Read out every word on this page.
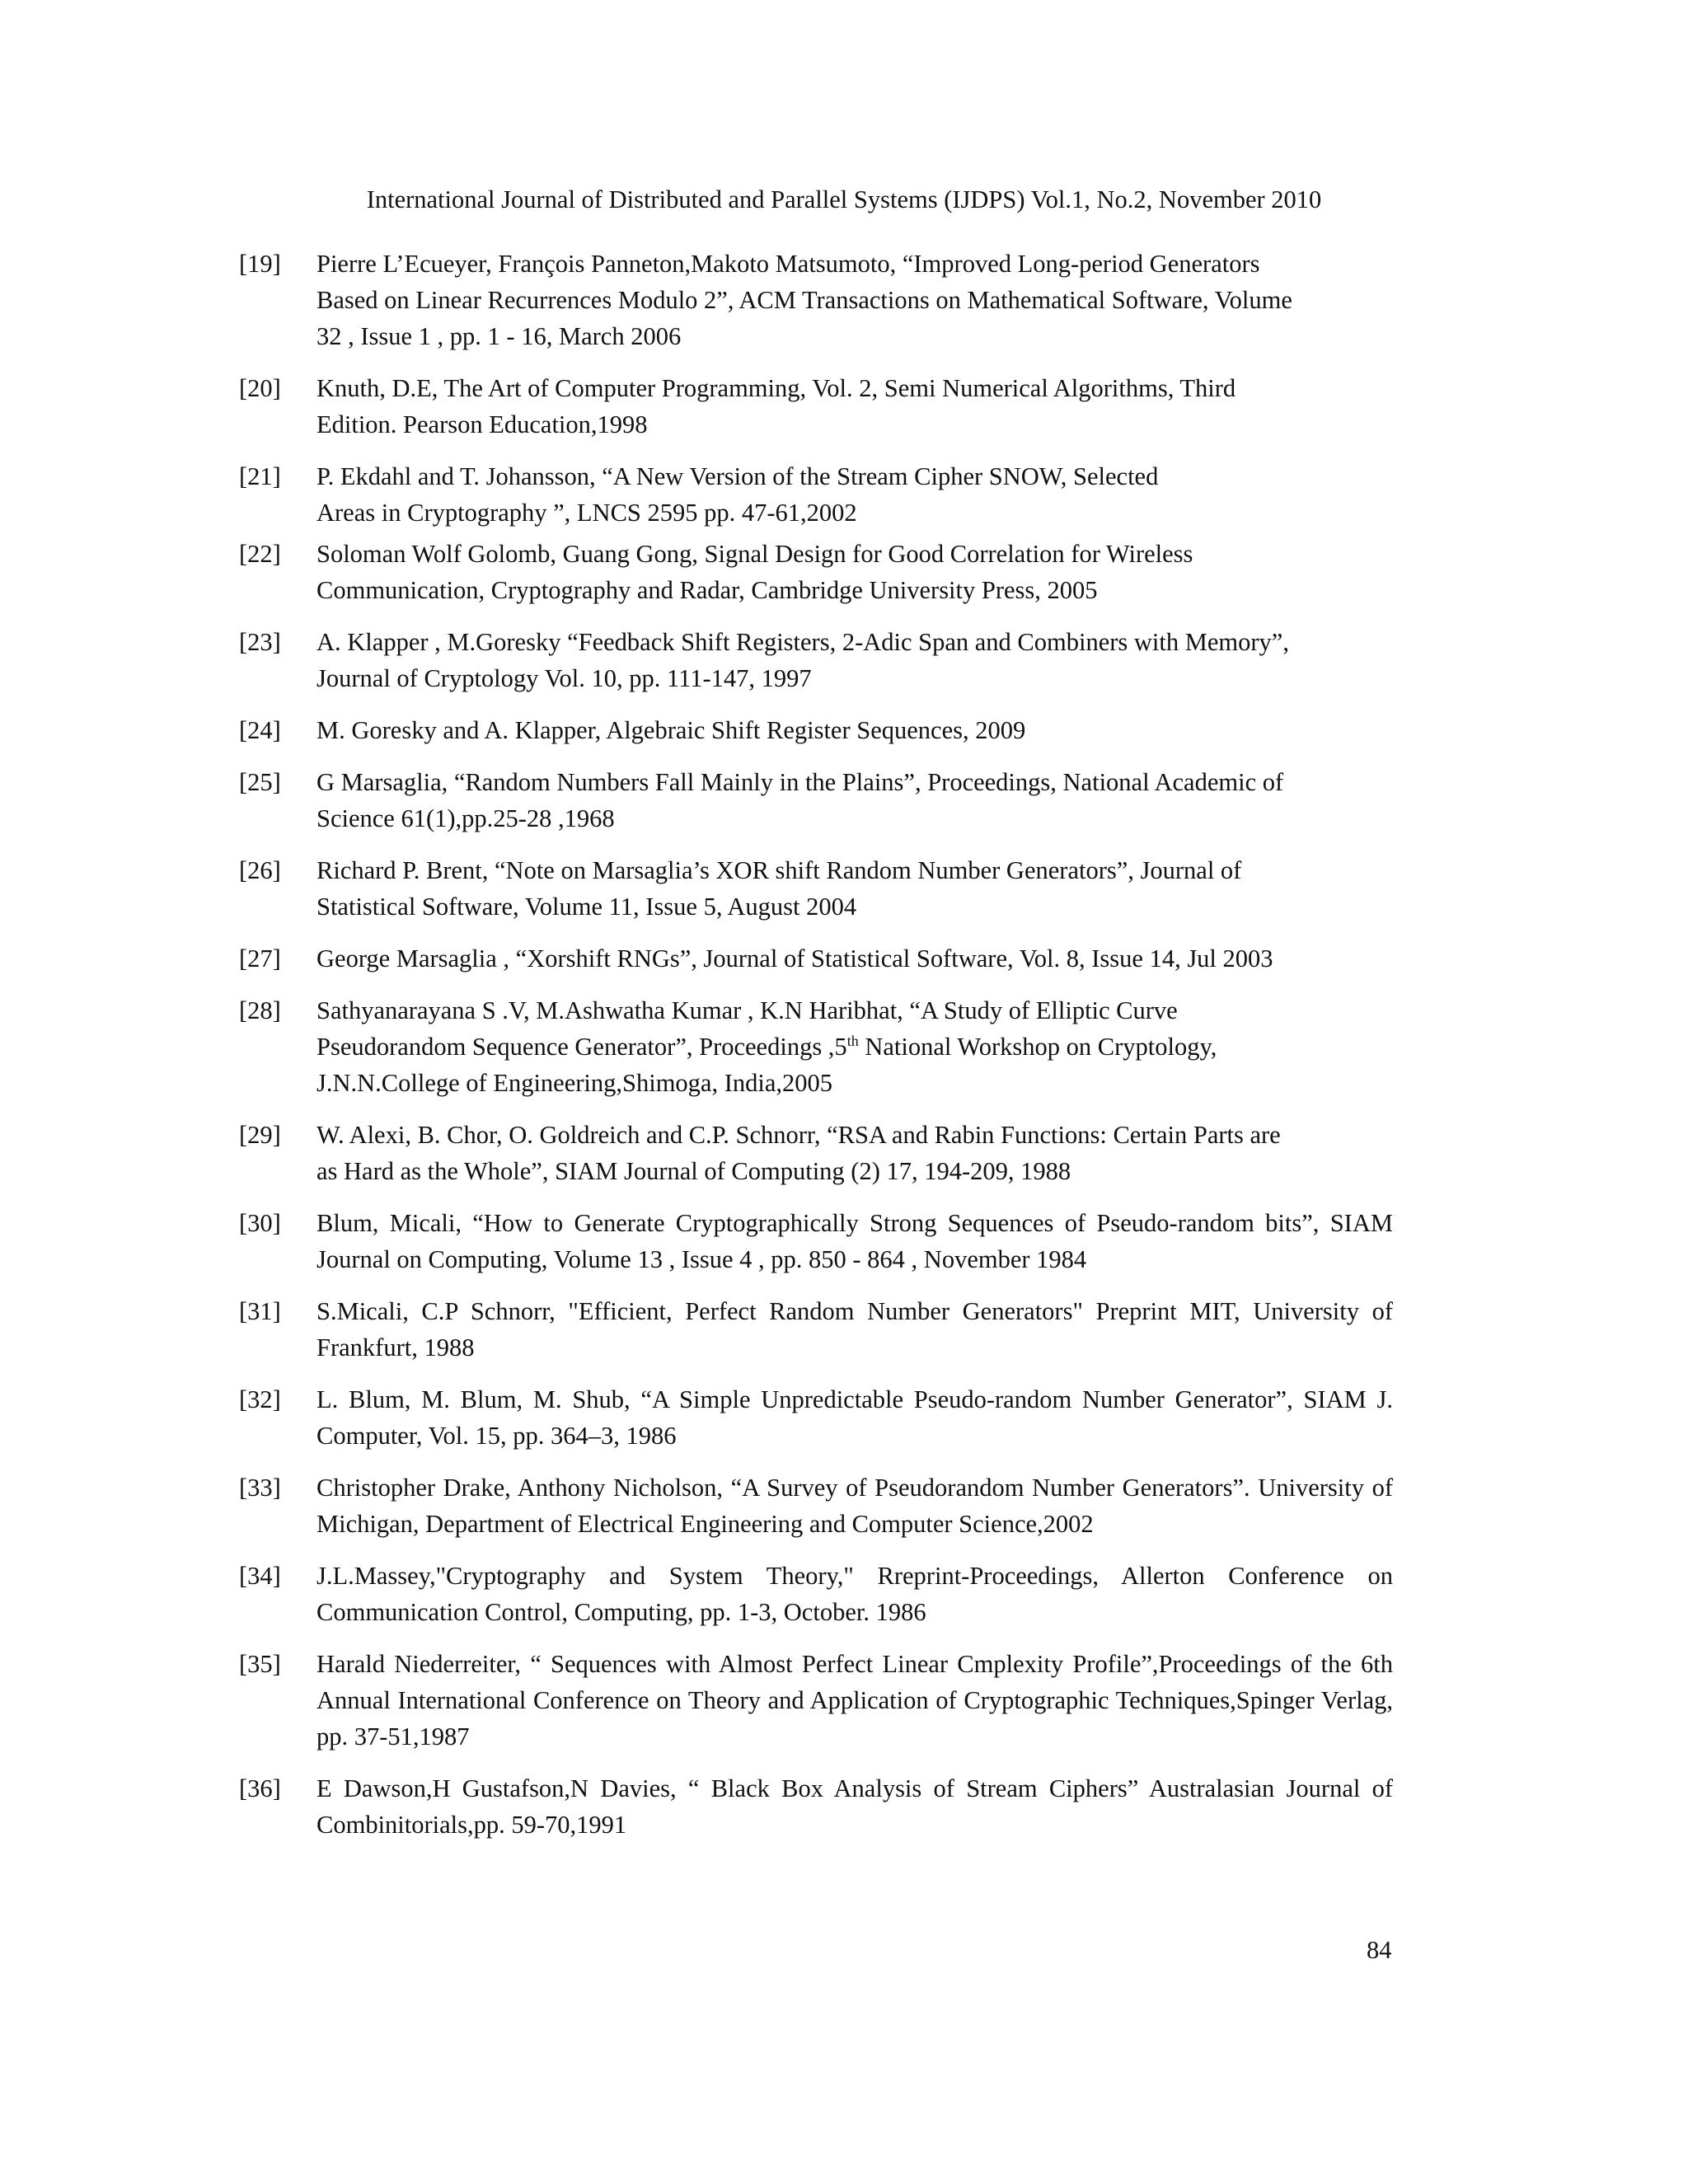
International Journal of Distributed and Parallel Systems (IJDPS) Vol.1, No.2, November 2010
[19]	Pierre L’Ecueyer, François Panneton,Makoto Matsumoto, “Improved Long-period Generators
Based on Linear Recurrences Modulo 2”, ACM Transactions on Mathematical Software, Volume
32 , Issue 1 , pp. 1 - 16, March 2006
[20]	Knuth, D.E, The Art of Computer Programming, Vol. 2, Semi Numerical Algorithms, Third
Edition. Pearson Education,1998
[21]	P. Ekdahl and T. Johansson, “A New Version of the Stream Cipher SNOW, Selected
Areas in Cryptography ”, LNCS 2595 pp. 47-61,2002
[22]	Soloman Wolf Golomb, Guang Gong, Signal Design for Good Correlation for Wireless
Communication, Cryptography and Radar, Cambridge University Press, 2005
[23]	A. Klapper , M.Goresky “Feedback Shift Registers, 2-Adic Span and Combiners with Memory”,
Journal of Cryptology Vol. 10, pp. 111-147, 1997
[24]	M. Goresky and A. Klapper, Algebraic Shift Register Sequences, 2009
[25]	G Marsaglia, “Random Numbers Fall Mainly in the Plains”, Proceedings, National Academic of
Science 61(1),pp.25-28 ,1968
[26]	Richard P. Brent, “Note on Marsaglia’s XOR shift Random Number Generators”, Journal of
Statistical Software, Volume 11, Issue 5, August 2004
[27]	George Marsaglia , “Xorshift RNGs”, Journal of Statistical Software, Vol. 8, Issue 14, Jul 2003
[28]	Sathyanarayana S .V, M.Ashwatha Kumar , K.N Haribhat, “A Study of Elliptic Curve
Pseudorandom Sequence Generator”, Proceedings ,5th National Workshop on Cryptology,
J.N.N.College of Engineering,Shimoga, India,2005
[29]	W. Alexi, B. Chor, O. Goldreich and C.P. Schnorr, “RSA and Rabin Functions: Certain Parts are
as Hard as the Whole”, SIAM Journal of Computing (2) 17, 194-209, 1988
[30]	Blum, Micali, “How to Generate Cryptographically Strong Sequences of Pseudo-random bits”, SIAM Journal on Computing, Volume 13 , Issue 4 , pp. 850 - 864 , November 1984
[31]	S.Micali, C.P Schnorr, "Efficient, Perfect Random Number Generators" Preprint MIT, University of Frankfurt, 1988
[32]	L. Blum, M. Blum, M. Shub, “A Simple Unpredictable Pseudo-random Number Generator”, SIAM J. Computer, Vol. 15, pp. 364–3, 1986
[33]	Christopher Drake, Anthony Nicholson, “A Survey of Pseudorandom Number Generators”. University of Michigan, Department of Electrical Engineering and Computer Science,2002
[34]	J.L.Massey,"Cryptography and System Theory," Rreprint-Proceedings, Allerton Conference on Communication Control, Computing, pp. 1-3, October. 1986
[35]	Harald Niederreiter, “ Sequences with Almost Perfect Linear Cmplexity Profile”,Proceedings of the 6th Annual International Conference on Theory and Application of Cryptographic Techniques,Spinger Verlag, pp. 37-51,1987
[36]	E Dawson,H Gustafson,N Davies, “ Black Box Analysis of Stream Ciphers” Australasian Journal of Combinitorials,pp. 59-70,1991
84
